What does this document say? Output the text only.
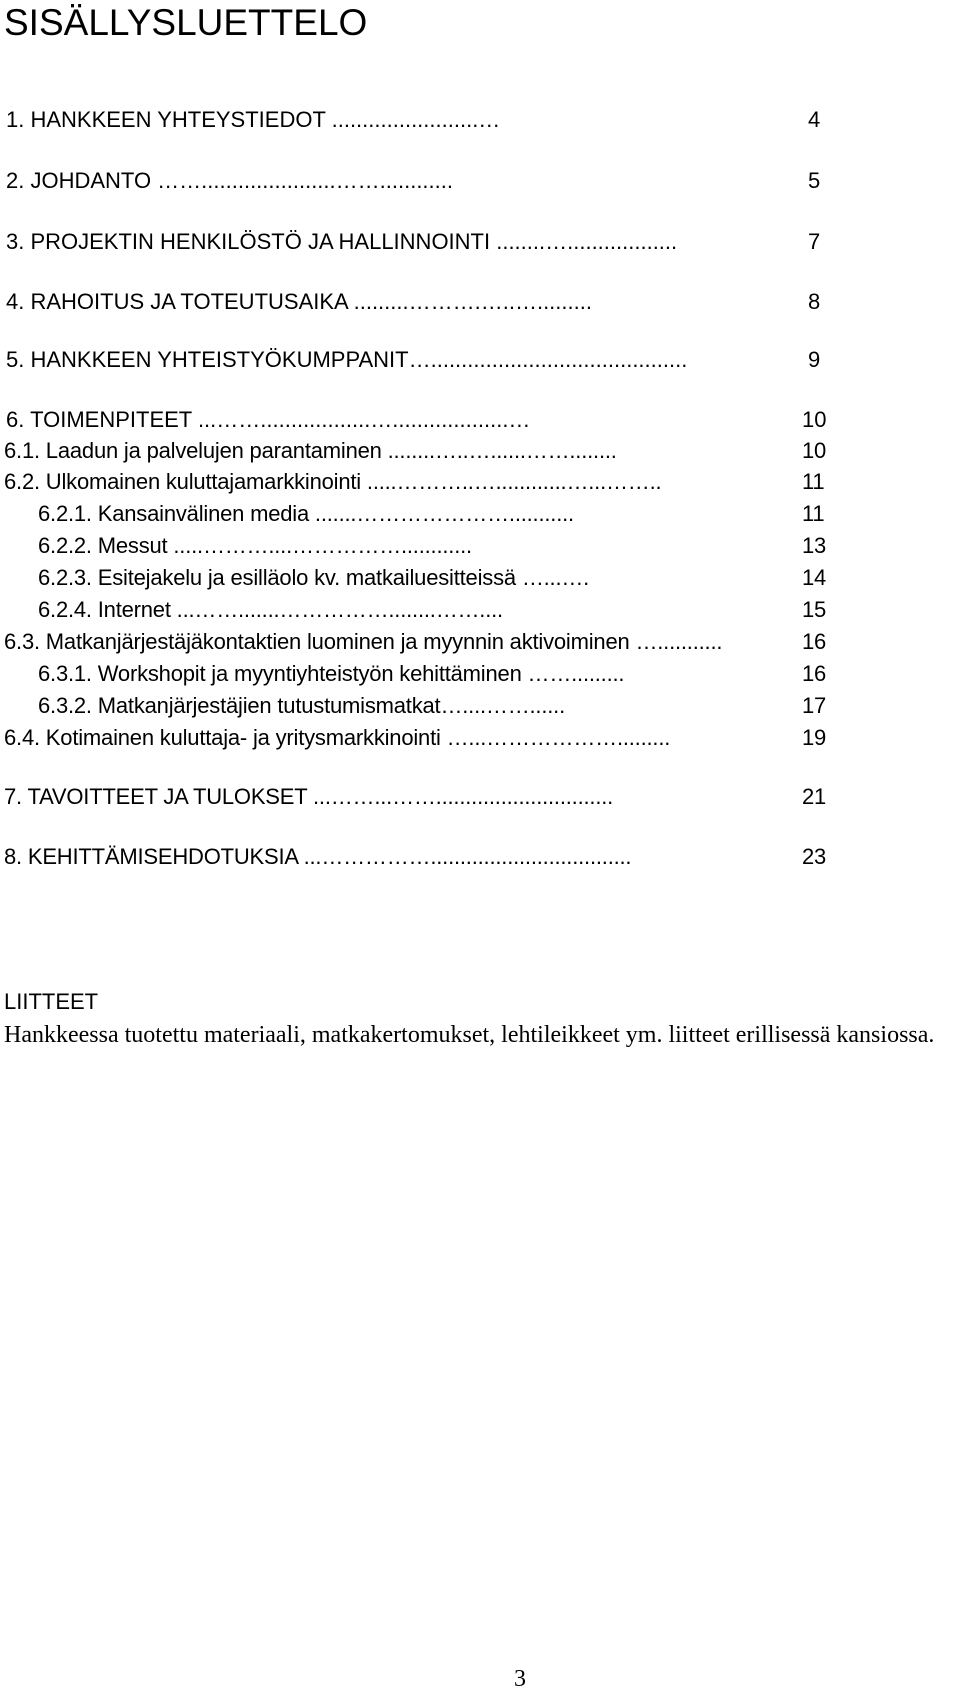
SISÄLLYSLUETTELO
1. HANKKEEN YHTEYSTIEDOT ........................…	4
2. JOHDANTO ……......................……............	5
3. PROJEKTIN HENKILÖSTÖ JA HALLINNOINTI ........…..................	7
4. RAHOITUS JA TOTEUTUSAIKA .........……….…..….........	8
5. HANKKEEN YHTEISTYÖKUMPPANIT…..........................................	9
6. TOIMENPITEET ...……..................…...................…	10
6.1. Laadun ja palvelujen parantaminen ........…..…......……........	10
6.2. Ulkomainen kuluttajamarkkinointi .....………..…............…...……..	11
6.2.1. Kansainvälinen media .......…………………...........	11
6.2.2. Messut .....………....……………............	13
6.2.3. Esitejakelu ja esilläolo kv. matkailuesitteissä …...….	14
6.2.4. Internet ...…….......……………........……....	15
6.3. Matkanjärjestäjäkontaktien luominen ja myynnin aktivoiminen …...........	16
6.3.1. Workshopit ja myyntiyhteistyön kehittäminen …….........	16
6.3.2. Matkanjärjestäjien tutustumismatkat…....……......	17
6.4. Kotimainen kuluttaja- ja yritysmarkkinointi …...……………….........	19
7. TAVOITTEET JA TULOKSET ...……...……..............................	21
8. KEHITTÄMISEHDOTUKSIA ...……………..................................	23
LIITTEET
Hankkeessa tuotettu materiaali, matkakertomukset, lehtileikkeet ym. liitteet erillisessä kansiossa.
3
